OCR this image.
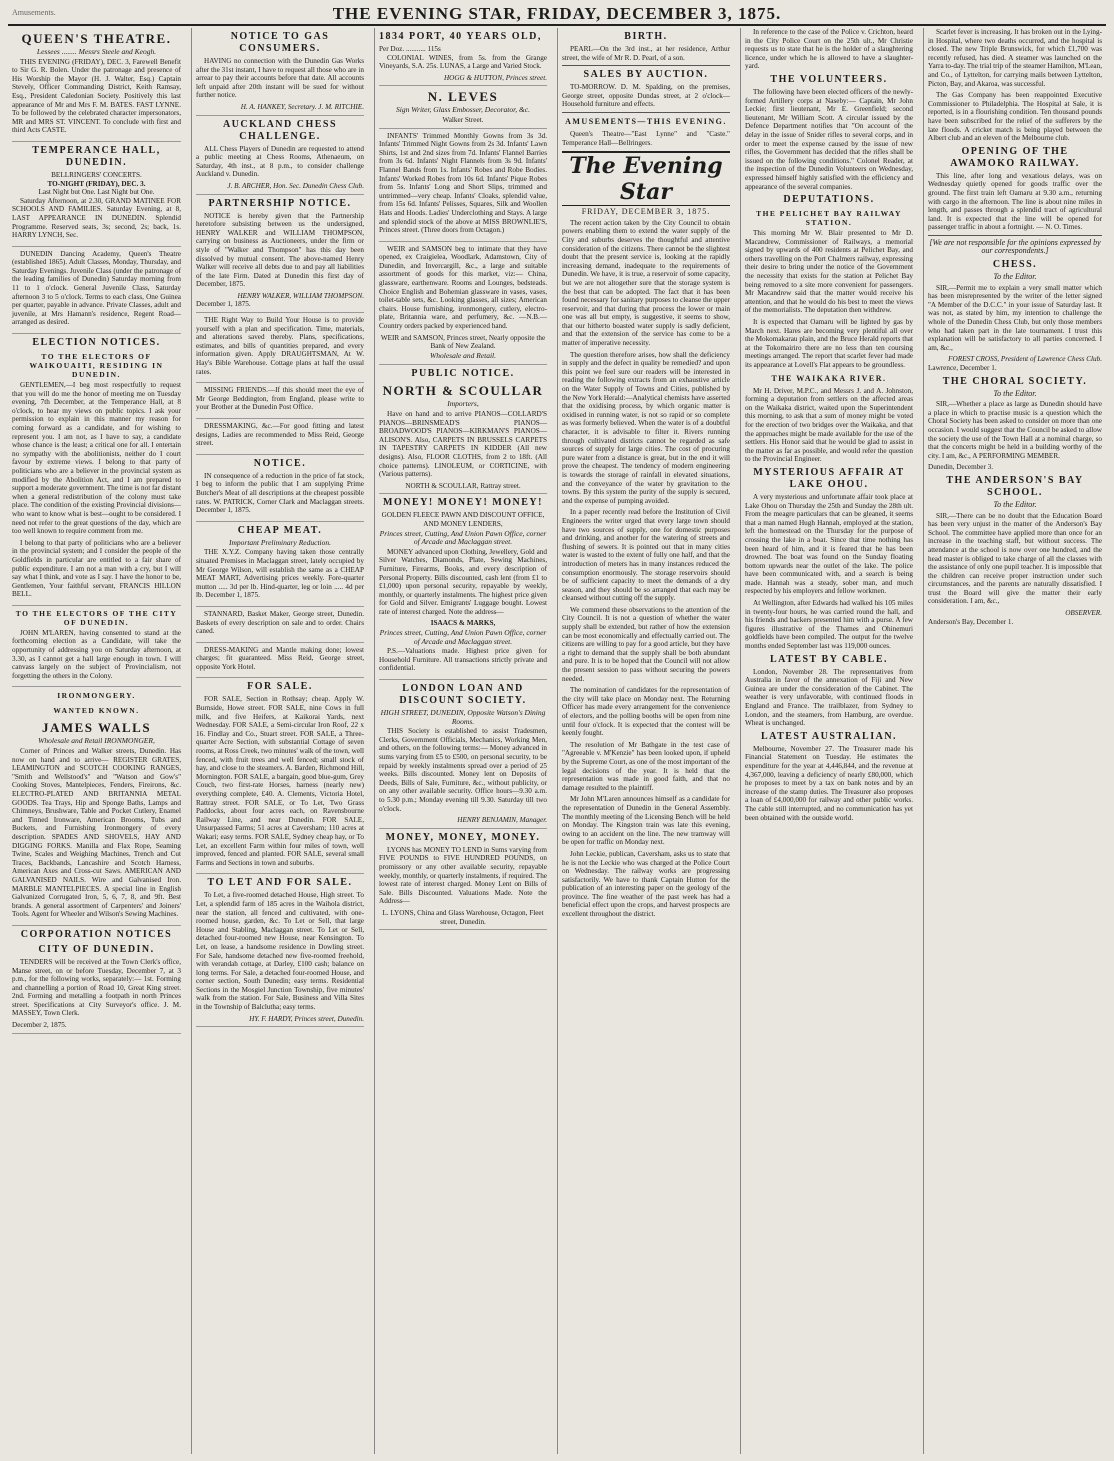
Amusements.	THE EVENING STAR, FRIDAY, DECEMBER 3, 1875.
QUEEN'S THEATRE.
Lessees ........ Messrs Steele and Keogh.

THIS EVENING (FRIDAY), DEC. 3, Farewell Benefit to Sir G. R. Bolen. Under the patronage and presence of His Worship the Mayor (H. J. Walter, Esq.) Captain Stevely, Officer Commanding District, Keith Ramsay, Esq., President Caledonian Society. Positively this last appearance of Mr and Mrs F. M. BATES. FAST LYNNE. To be followed by the celebrated character impersonators, MR and MRS ST. VINCENT. To conclude with first and third Acts CASTE.

TEMPERANCE HALL, DUNEDIN.
BELLRINGERS' CONCERTS.
TO-NIGHT (FRIDAY), DEC. 3.
Last Night but One. Last Night but One.

Saturday Afternoon, at 2.30, GRAND MATINEE FOR SCHOOLS AND FAMILIES. Saturday Evening, at 8, LAST APPEARANCE IN DUNEDIN. Splendid Programme. Reserved seats, 3s; second, 2s; back, 1s. HARRY LYNCH, Sec.

DUNEDIN Dancing Academy, Queen's Theatre (established 1865). Adult Classes, Monday, Thursday, and Saturday Evenings. Juvenile Class (under the patronage of the leading families of Dunedin) Saturday morning from 11 to 1 o'clock. General Juvenile Class, Saturday afternoon 3 to 5 o'clock. Terms to each class, One Guinea per quarter, payable in advance. Private Classes, adult and juvenile, at Mrs Hamann's residence, Regent Road—arranged as desired.

ELECTION NOTICES.
TO THE ELECTORS OF WAIKOUAITI, RESIDING IN DUNEDIN.

GENTLEMEN,—I beg most respectfully to request that you will do me the honor of meeting me on Tuesday evening, 7th December, at the Temperance Hall, at 8 o'clock, to hear my views on public topics. I ask your permission to explain in this manner my reason for coming forward as a candidate, and for wishing to represent you. I am not, as I have to say, a candidate whose chance is the least; a critical one for all. I entertain no sympathy with the abolitionists, neither do I court favour by extreme views. I belong to that party of politicians who are a believer in the provincial system as modified by the Abolition Act, and I am prepared to support a moderate government. The time is not far distant when a general redistribution of the colony must take place. The condition of the existing Provincial divisions—who want to know what is best—ought to be considered. I need not refer to the great questions of the day, which are too well known to require comment from me.

I belong to that party of politicians who are a believer in the provincial system; and I consider the people of the Goldfields in particular are entitled to a fair share of public expenditure. I am not a man with a cry, but I will say what I think, and vote as I say. I have the honor to be, Gentlemen, Your faithful servant, FRANCIS HILLON BELL.

TO THE ELECTORS OF THE CITY OF DUNEDIN.

JOHN M'LAREN, having consented to stand at the forthcoming election as a Candidate, will take the opportunity of addressing you on Saturday afternoon, at 3.30, as I cannot get a hall large enough in town. I will canvass largely on the subject of Provincialism, not forgetting the others in the Colony.

IRONMONGERY.
WANTED KNOWN.
JAMES WALLS
Wholesale and Retail IRONMONGER,

Corner of Princes and Walker streets, Dunedin. Has now on hand and to arrive— REGISTER GRATES, LEAMINGTON and SCOTCH COOKING RANGES, "Smith and Wellstood's" and "Watson and Gow's" Cooking Stoves, Mantelpieces, Fenders, Fireirons, &c. ELECTRO-PLATED AND BRITANNIA METAL GOODS. Tea Trays, Hip and Sponge Baths, Lamps and Chimneys, Brushware, Table and Pocket Cutlery, Enamel and Tinned Ironware, American Brooms, Tubs and Buckets, and Furnishing Ironmongery of every description. SPADES AND SHOVELS, HAY AND DIGGING FORKS. Manilla and Flax Rope, Seaming Twine, Scales and Weighing Machines, Trench and Cut Traces, Backbands, Lancashire and Scotch Harness, American Axes and Cross-cut Saws. AMERICAN AND GALVANISED NAILS. Wire and Galvanised Iron. MARBLE MANTELPIECES. A special line in English Galvanized Corrugated Iron, 5, 6, 7, 8, and 9ft. Best brands. A general assortment of Carpenters' and Joiners' Tools. Agent for Wheeler and Wilson's Sewing Machines.

CORPORATION NOTICES
CITY OF DUNEDIN.

TENDERS will be received at the Town Clerk's office, Manse street, on or before Tuesday, December 7, at 3 p.m., for the following works, separately:— 1st. Forming and channelling a portion of Road 10, Great King street. 2nd. Forming and metalling a footpath in north Princes street. Specifications at City Surveyor's office. J. M. MASSEY, Town Clerk.

December 2, 1875.
NOTICE TO GAS CONSUMERS.

HAVING no connection with the Dunedin Gas Works after the 31st instant, I have to request all those who are in arrear to pay their accounts before that date. All accounts left unpaid after 20th instant will be sued for without further notice.

H. A. HANKEY, Secretary. J. M. RITCHIE.
AUCKLAND CHESS CHALLENGE.

ALL Chess Players of Dunedin are requested to attend a public meeting at Chess Rooms, Athenaeum, on Saturday, 4th inst., at 8 p.m., to consider challenge Auckland v. Dunedin.

J. B. ARCHER, Hon. Sec. Dunedin Chess Club.
PARTNERSHIP NOTICE.

NOTICE is hereby given that the Partnership heretofore subsisting between us the undersigned, HENRY WALKER and WILLIAM THOMPSON, carrying on business as Auctioneers, under the firm or style of "Walker and Thompson" has this day been dissolved by mutual consent. The above-named Henry Walker will receive all debts due to and pay all liabilities of the late Firm. Dated at Dunedin this first day of December, 1875.

HENRY WALKER, WILLIAM THOMPSON.
December 1, 1875.

THE Right Way to Build Your House is to provide yourself with a plan and specification. Time, materials, and alterations saved thereby. Plans, specifications, estimates, and bills of quantities prepared, and every information given. Apply DRAUGHTSMAN, At W. Hay's Bible Warehouse. Cottage plans at half the usual rates.

MISSING FRIENDS.—If this should meet the eye of Mr George Beddington, from England, please write to your Brother at the Dunedin Post Office.

DRESSMAKING, &c.—For good fitting and latest designs, Ladies are recommended to Miss Reid, George street.

NOTICE.

IN consequence of a reduction in the price of fat stock, I beg to inform the public that I am supplying Prime Butcher's Meat of all descriptions at the cheapest possible rates. W. PATRICK, Corner Clark and Maclaggan streets. December 1, 1875.

CHEAP MEAT.
Important Preliminary Reduction.

THE X.Y.Z. Company having taken those centrally situated Premises in Maclaggan street, lately occupied by Mr George Wilson, will establish the same as a CHEAP MEAT MART, Advertising prices weekly. Fore-quarter mutton ..... 3d per lb. Hind-quarter, leg or loin ..... 4d per lb. December 1, 1875.

STANNARD, Basket Maker, George street, Dunedin. Baskets of every description on sale and to order. Chairs caned.

DRESS-MAKING and Mantle making done; lowest charges; fit guaranteed. Miss Reid, George street, opposite York Hotel.

FOR SALE.

FOR SALE, Section in Rothsay; cheap. Apply W. Burnside, Howe street. FOR SALE, nine Cows in full milk, and five Heifers, at Kaikorai Yards, next Wednesday. FOR SALE, a Semi-circular Iron Roof, 22 x 16. Findlay and Co., Stuart street. FOR SALE, a Three-quarter Acre Section, with substantial Cottage of seven rooms, at Ross Creek, two minutes' walk of the town, well fenced, with fruit trees and well fenced; small stock of hay, and close to the steamers. A. Barden, Richmond Hill, Mornington. FOR SALE, a bargain, good blue-gum, Grey Couch, two first-rate Horses, harness (nearly new) everything complete, £40. A. Clements, Victoria Hotel, Rattray street. FOR SALE, or To Let, Two Grass Paddocks, about four acres each, on Ravensbourne Railway Line, and near Dunedin. FOR SALE, Unsurpassed Farms; 51 acres at Caversham; 110 acres at Wakari; easy terms. FOR SALE, Sydney cheap hay, or To Let, an excellent Farm within four miles of town, well improved, fenced and planted. FOR SALE, several small Farms and Sections in town and suburbs.

TO LET AND FOR SALE.

To Let, a five-roomed detached House, High street. To Let, a splendid farm of 185 acres in the Waihola district, near the station, all fenced and cultivated, with one-roomed house, garden, &c. To Let or Sell, that large House and Stabling, Maclaggan street. To Let or Sell, detached four-roomed new House, near Kensington. To Let, on lease, a handsome residence in Dowling street. For Sale, handsome detached new five-roomed freehold, with verandah cottage, at Darley, £100 cash; balance on long terms. For Sale, a detached four-roomed House, and corner section, South Dunedin; easy terms. Residential Sections in the Mosgiel Junction Township, five minutes' walk from the station. For Sale, Business and Villa Sites in the Township of Balclutha; easy terms.

HY. F. HARDY, Princes street, Dunedin.
1834 PORT, 40 YEARS OLD,
Per Doz. ........... 115s

COLONIAL WINES, from 5s. from the Grange Vineyards, S.A. 25s. LUNAS, a Large and Varied Stock.

HOGG & HUTTON, Princes street.
N. LEVES
Sign Writer, Glass Embosser, Decorator, &c.
Walker Street.

INFANTS' Trimmed Monthly Gowns from 3s 3d. Infants' Trimmed Night Gowns from 2s 3d. Infants' Lawn Shirts, 1st and 2nd sizes from 7d. Infants' Flannel Barries from 3s 6d. Infants' Night Flannels from 3s 9d. Infants' Flannel Bands from 1s. Infants' Robes and Robe Bodies. Infants' Worked Robes from 10s 6d. Infants' Pique Robes from 5s. Infants' Long and Short Slips, trimmed and untrimmed—very cheap. Infants' Cloaks, splendid value, from 15s 6d. Infants' Pelisses, Squares, Silk and Woollen Hats and Hoods. Ladies' Underclothing and Stays. A large and splendid stock of the above at MISS BROWNLIE'S, Princes street. (Three doors from Octagon.)

WEIR and SAMSON beg to intimate that they have opened, ex Craigielea, Woodlark, Adamstown, City of Dunedin, and Invercargill, &c., a large and suitable assortment of goods for this market, viz:— China, glassware, earthenware. Rooms and Lounges, bedsteads. Choice English and Bohemian glassware in vases, vases, toilet-table sets, &c. Looking glasses, all sizes; American chairs. House furnishing, ironmongery, cutlery, electro-plate, Britannia ware, and perfumery, &c. —N.B.—Country orders packed by experienced hand.

WEIR and SAMSON, Princes street, Nearly opposite the Bank of New Zealand.
Wholesale and Retail.
PUBLIC NOTICE.
NORTH & SCOULLAR
Importers,

Have on hand and to arrive PIANOS—COLLARD'S PIANOS—BRINSMEAD'S PIANOS—BROADWOOD'S PIANOS—KIRKMAN'S PIANOS—ALISON'S. Also, CARPETS IN BRUSSELS CARPETS IN TAPESTRY CARPETS IN KIDDER (All new designs). Also, FLOOR CLOTHS, from 2 to 18ft. (All choice patterns). LINOLEUM, or CORTICINE, with (Various patterns).

NORTH & SCOULLAR, Rattray street.
MONEY! MONEY! MONEY!
GOLDEN FLEECE PAWN AND DISCOUNT OFFICE,
AND MONEY LENDERS,
Princes street, Cutting, And Union Pawn Office, corner of Arcade and Maclaggan street.

MONEY advanced upon Clothing, Jewellery, Gold and Silver Watches, Diamonds, Plate, Sewing Machines, Furniture, Firearms, Books, and every description of Personal Property. Bills discounted, cash lent (from £1 to £1,000) upon personal security, repayable by weekly, monthly, or quarterly instalments. The highest price given for Gold and Silver. Emigrants' Luggage bought. Lowest rate of interest charged. Note the address—

ISAACS & MARKS,
Princes street, Cutting, And Union Pawn Office, corner of Arcade and Maclaggan street.

P.S.—Valuations made. Highest price given for Household Furniture. All transactions strictly private and confidential.

LONDON LOAN AND DISCOUNT SOCIETY.
HIGH STREET, DUNEDIN, Opposite Watson's Dining Rooms.

THIS Society is established to assist Tradesmen, Clerks, Government Officials, Mechanics, Working Men, and others, on the following terms:— Money advanced in sums varying from £5 to £500, on personal security, to be repaid by weekly instalments spread over a period of 25 weeks. Bills discounted. Money lent on Deposits of Deeds, Bills of Sale, Furniture, &c., without publicity, or on any other available security. Office hours—9.30 a.m. to 5.30 p.m.; Monday evening till 9.30. Saturday till two o'clock.

HENRY BENJAMIN, Manager.
MONEY, MONEY, MONEY.

LYONS has MONEY TO LEND in Sums varying from FIVE POUNDS to FIVE HUNDRED POUNDS, on promissory or any other available security, repayable weekly, monthly, or quarterly instalments, if required. The lowest rate of interest charged. Money Lent on Bills of Sale. Bills Discounted. Valuations Made. Note the Address—

L. LYONS, China and Glass Warehouse, Octagon, Fleet street, Dunedin.
BIRTH.

PEARL—On the 3rd inst., at her residence, Arthur street, the wife of Mr R. D. Pearl, of a son.

SALES BY AUCTION.

TO-MORROW. D. M. Spalding, on the premises, George street, opposite Dundas street, at 2 o'clock—Household furniture and effects.

AMUSEMENTS—THIS EVENING.

Queen's Theatre—"East Lynne" and "Caste." Temperance Hall—Bellringers.

The Evening Star
FRIDAY, DECEMBER 3, 1875.

The recent action taken by the City Council to obtain powers enabling them to extend the water supply of the City and suburbs deserves the thoughtful and attentive consideration of the citizens. There cannot be the slightest doubt that the present service is, looking at the rapidly increasing demand, inadequate to the requirements of Dunedin. We have, it is true, a reservoir of some capacity, but we are not altogether sure that the storage system is the best that can be adopted. The fact that it has been found necessary for sanitary purposes to cleanse the upper reservoir, and that during that process the lower or main one was all but empty, is suggestive, it seems to show, that our hitherto boasted water supply is sadly deficient, and that the extension of the service has come to be a matter of imperative necessity.

The question therefore arises, how shall the deficiency in supply and the defect in quality be remedied? and upon this point we feel sure our readers will be interested in reading the following extracts from an exhaustive article on the Water Supply of Towns and Cities, published by the New York Herald:—Analytical chemists have asserted that the oxidising process, by which organic matter is oxidised in running water, is not so rapid or so complete as was formerly believed. When the water is of a doubtful character, it is advisable to filter it. Rivers running through cultivated districts cannot be regarded as safe sources of supply for large cities. The cost of procuring pure water from a distance is great, but in the end it will prove the cheapest. The tendency of modern engineering is towards the storage of rainfall in elevated situations, and the conveyance of the water by gravitation to the towns. By this system the purity of the supply is secured, and the expense of pumping avoided.

In a paper recently read before the Institution of Civil Engineers the writer urged that every large town should have two sources of supply, one for domestic purposes and drinking, and another for the watering of streets and flushing of sewers. It is pointed out that in many cities water is wasted to the extent of fully one half, and that the introduction of meters has in many instances reduced the consumption enormously. The storage reservoirs should be of sufficient capacity to meet the demands of a dry season, and they should be so arranged that each may be cleansed without cutting off the supply.

We commend these observations to the attention of the City Council. It is not a question of whether the water supply shall be extended, but rather of how the extension can be most economically and effectually carried out. The citizens are willing to pay for a good article, but they have a right to demand that the supply shall be both abundant and pure. It is to be hoped that the Council will not allow the present session to pass without securing the powers needed.

The nomination of candidates for the representation of the city will take place on Monday next. The Returning Officer has made every arrangement for the convenience of electors, and the polling booths will be open from nine until four o'clock. It is expected that the contest will be keenly fought.

The resolution of Mr Bathgate in the test case of "Agreeable v. M'Kenzie" has been looked upon, if upheld by the Supreme Court, as one of the most important of the legal decisions of the year. It is held that the representation was made in good faith, and that no damage resulted to the plaintiff.

Mr John M'Laren announces himself as a candidate for the representation of Dunedin in the General Assembly. The monthly meeting of the Licensing Bench will be held on Monday. The Kingston train was late this evening, owing to an accident on the line. The new tramway will be open for traffic on Monday next.

John Leckie, publican, Caversham, asks us to state that he is not the Leckie who was charged at the Police Court on Wednesday. The railway works are progressing satisfactorily. We have to thank Captain Hutton for the publication of an interesting paper on the geology of the province. The fine weather of the past week has had a beneficial effect upon the crops, and harvest prospects are excellent throughout the district.

In reference to the case of the Police v. Crichton, heard in the City Police Court on the 25th ult., Mr Christie requests us to state that he is the holder of a slaughtering licence, under which he is allowed to have a slaughter-yard.

THE VOLUNTEERS.

The following have been elected officers of the newly-formed Artillery corps at Naseby:— Captain, Mr John Leckie; first lieutenant, Mr E. Greenfield; second lieutenant, Mr William Scott. A circular issued by the Defence Department notifies that "On account of the delay in the issue of Snider rifles to several corps, and in order to meet the expense caused by the issue of new rifles, the Government has decided that the rifles shall be issued on the following conditions." Colonel Reader, at the inspection of the Dunedin Volunteers on Wednesday, expressed himself highly satisfied with the efficiency and appearance of the several companies.

DEPUTATIONS.
THE PELICHET BAY RAILWAY STATION.

This morning Mr W. Blair presented to Mr D. Macandrew, Commissioner of Railways, a memorial signed by upwards of 400 residents at Pelichet Bay, and others travelling on the Port Chalmers railway, expressing their desire to bring under the notice of the Government the necessity that exists for the station at Pelichet Bay being removed to a site more convenient for passengers. Mr Macandrew said that the matter would receive his attention, and that he would do his best to meet the views of the memorialists. The deputation then withdrew.

It is expected that Oamaru will be lighted by gas by March next. Hares are becoming very plentiful all over the Mokomakarau plain, and the Bruce Herald reports that at the Tokomairiro there are no less than ten coursing meetings arranged. The report that scarlet fever had made its appearance at Lovell's Flat appears to be groundless.

THE WAIKAKA RIVER.

Mr H. Driver, M.P.C., and Messrs J. and A. Johnston, forming a deputation from settlers on the affected areas on the Waikaka district, waited upon the Superintendent this morning, to ask that a sum of money might be voted for the erection of two bridges over the Waikaka, and that the approaches might be made available for the use of the settlers. His Honor said that he would be glad to assist in the matter as far as possible, and would refer the question to the Provincial Engineer.

MYSTERIOUS AFFAIR AT LAKE OHOU.

A very mysterious and unfortunate affair took place at Lake Ohou on Thursday the 25th and Sunday the 28th ult. From the meagre particulars that can be gleaned, it seems that a man named Hugh Hannah, employed at the station, left the homestead on the Thursday for the purpose of crossing the lake in a boat. Since that time nothing has been heard of him, and it is feared that he has been drowned. The boat was found on the Sunday floating bottom upwards near the outlet of the lake. The police have been communicated with, and a search is being made. Hannah was a steady, sober man, and much respected by his employers and fellow workmen.

At Wellington, after Edwards had walked his 105 miles in twenty-four hours, he was carried round the hall, and his friends and backers presented him with a purse. A few figures illustrative of the Thames and Ohinemuri goldfields have been compiled. The output for the twelve months ended September last was 119,000 ounces.

LATEST BY CABLE.

London, November 28. The representatives from Australia in favor of the annexation of Fiji and New Guinea are under the consideration of the Cabinet. The weather is very unfavorable, with continued floods in England and France. The trailblazer, from Sydney to London, and the steamers, from Hamburg, are overdue. Wheat is unchanged.

LATEST AUSTRALIAN.

Melbourne, November 27. The Treasurer made his Financial Statement on Tuesday. He estimates the expenditure for the year at 4,446,844, and the revenue at 4,367,000, leaving a deficiency of nearly £80,000, which he proposes to meet by a tax on bank notes and by an increase of the stamp duties. The Treasurer also proposes a loan of £4,000,000 for railway and other public works. The cable still interrupted, and no communication has yet been obtained with the outside world.

Scarlet fever is increasing. It has broken out in the Lying-in Hospital, where two deaths occurred, and the hospital is closed. The new Triple Brunswick, for which £1,700 was recently refused, has died. A steamer was launched on the Yarra to-day. The trial trip of the steamer Hamilton, M'Lean, and Co., of Lyttelton, for carrying mails between Lyttelton, Picton, Bay, and Akaroa, was successful.

The Gas Company has been reappointed Executive Commissioner to Philadelphia. The Hospital at Sale, it is reported, is in a flourishing condition. Ten thousand pounds have been subscribed for the relief of the sufferers by the late floods. A cricket match is being played between the Albert club and an eleven of the Melbourne club.

OPENING OF THE AWAMOKO RAILWAY.

This line, after long and vexatious delays, was on Wednesday quietly opened for goods traffic over the ground. The first train left Oamaru at 9.30 a.m., returning with cargo in the afternoon. The line is about nine miles in length, and passes through a splendid tract of agricultural land. It is expected that the line will be opened for passenger traffic in about a fortnight. — N. O. Times.

[We are not responsible for the opinions expressed by our correspondents.]
CHESS.
To the Editor.

SIR,—Permit me to explain a very small matter which has been misrepresented by the writer of the letter signed "A Member of the D.C.C." in your issue of Saturday last. It was not, as stated by him, my intention to challenge the whole of the Dunedin Chess Club, but only those members who had taken part in the late tournament. I trust this explanation will be satisfactory to all parties concerned. I am, &c.,

FOREST CROSS, President of Lawrence Chess Club.
Lawrence, December 1.
THE CHORAL SOCIETY.
To the Editor.

SIR,—Whether a place as large as Dunedin should have a place in which to practise music is a question which the Choral Society has been asked to consider on more than one occasion. I would suggest that the Council be asked to allow the society the use of the Town Hall at a nominal charge, so that the concerts might be held in a building worthy of the city. I am, &c., A PERFORMING MEMBER.

Dunedin, December 3.
THE ANDERSON'S BAY SCHOOL.
To the Editor.

SIR,—There can be no doubt that the Education Board has been very unjust in the matter of the Anderson's Bay School. The committee have applied more than once for an increase in the teaching staff, but without success. The attendance at the school is now over one hundred, and the head master is obliged to take charge of all the classes with the assistance of only one pupil teacher. It is impossible that the children can receive proper instruction under such circumstances, and the parents are naturally dissatisfied. I trust the Board will give the matter their early consideration. I am, &c.,

OBSERVER.
Anderson's Bay, December 1.
